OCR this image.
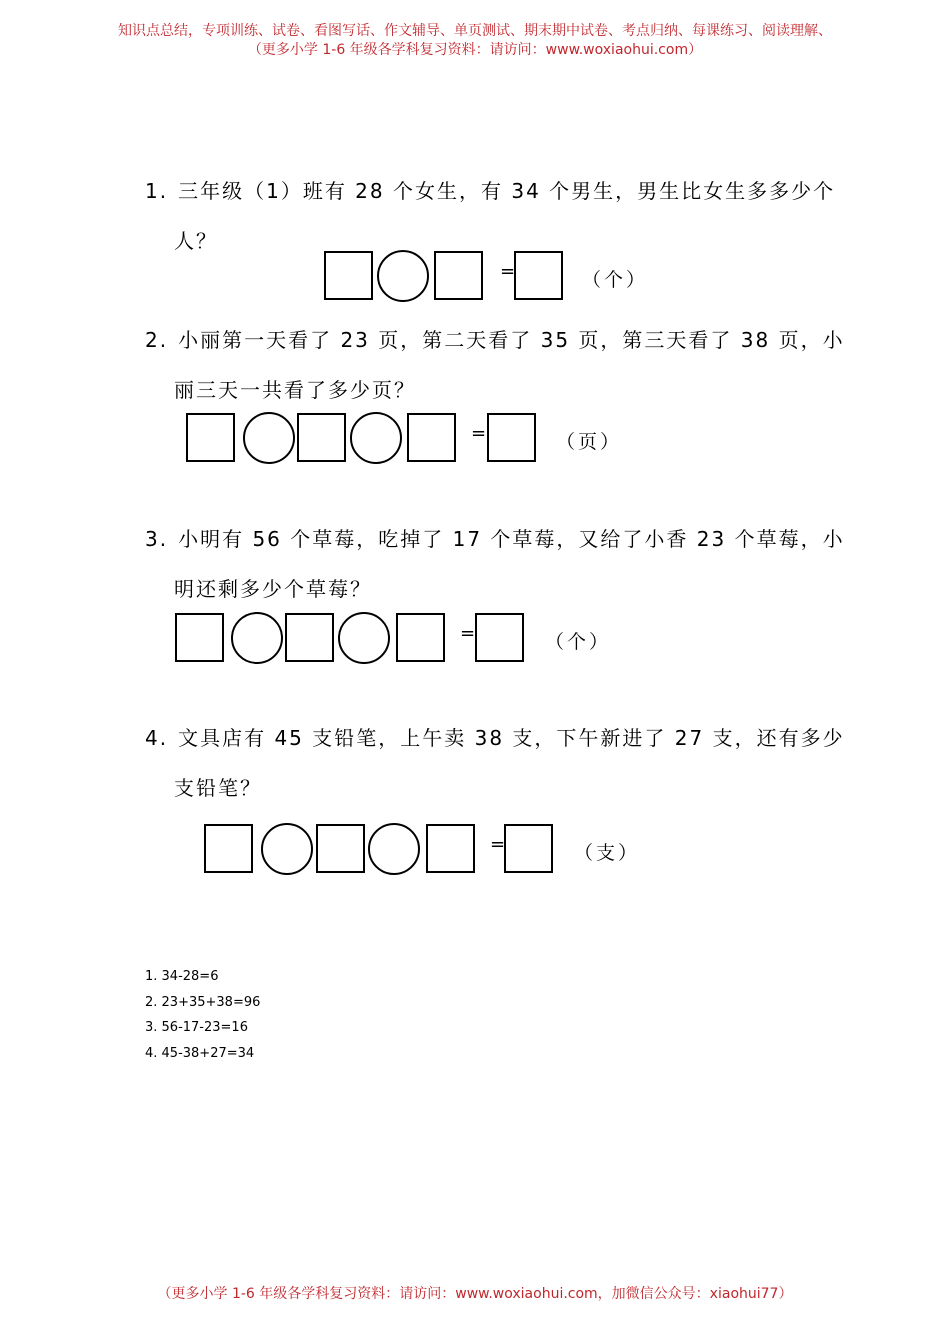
知识点总结，专项训练、试卷、看图写话、作文辅导、单页测试、期末期中试卷、考点归纳、每课练习、阅读理解、
（更多小学 1-6 年级各学科复习资料：请访问：www.woxiaohui.com）
1. 三年级（1）班有 28 个女生，有 34 个男生，男生比女生多多少个
人？
=	（个）
2. 小丽第一天看了 23 页，第二天看了 35 页，第三天看了 38 页，小
丽三天一共看了多少页？
=	（页）
3. 小明有 56 个草莓，吃掉了 17 个草莓，又给了小香 23 个草莓，小
明还剩多少个草莓？
=	（个）
4. 文具店有 45 支铅笔，上午卖 38 支，下午新进了 27 支，还有多少
支铅笔？
=	（支）
1. 34-28=6
2. 23+35+38=96
3. 56-17-23=16
4. 45-38+27=34
（更多小学 1-6 年级各学科复习资料：请访问：www.woxiaohui.com，加微信公众号：xiaohui77）
